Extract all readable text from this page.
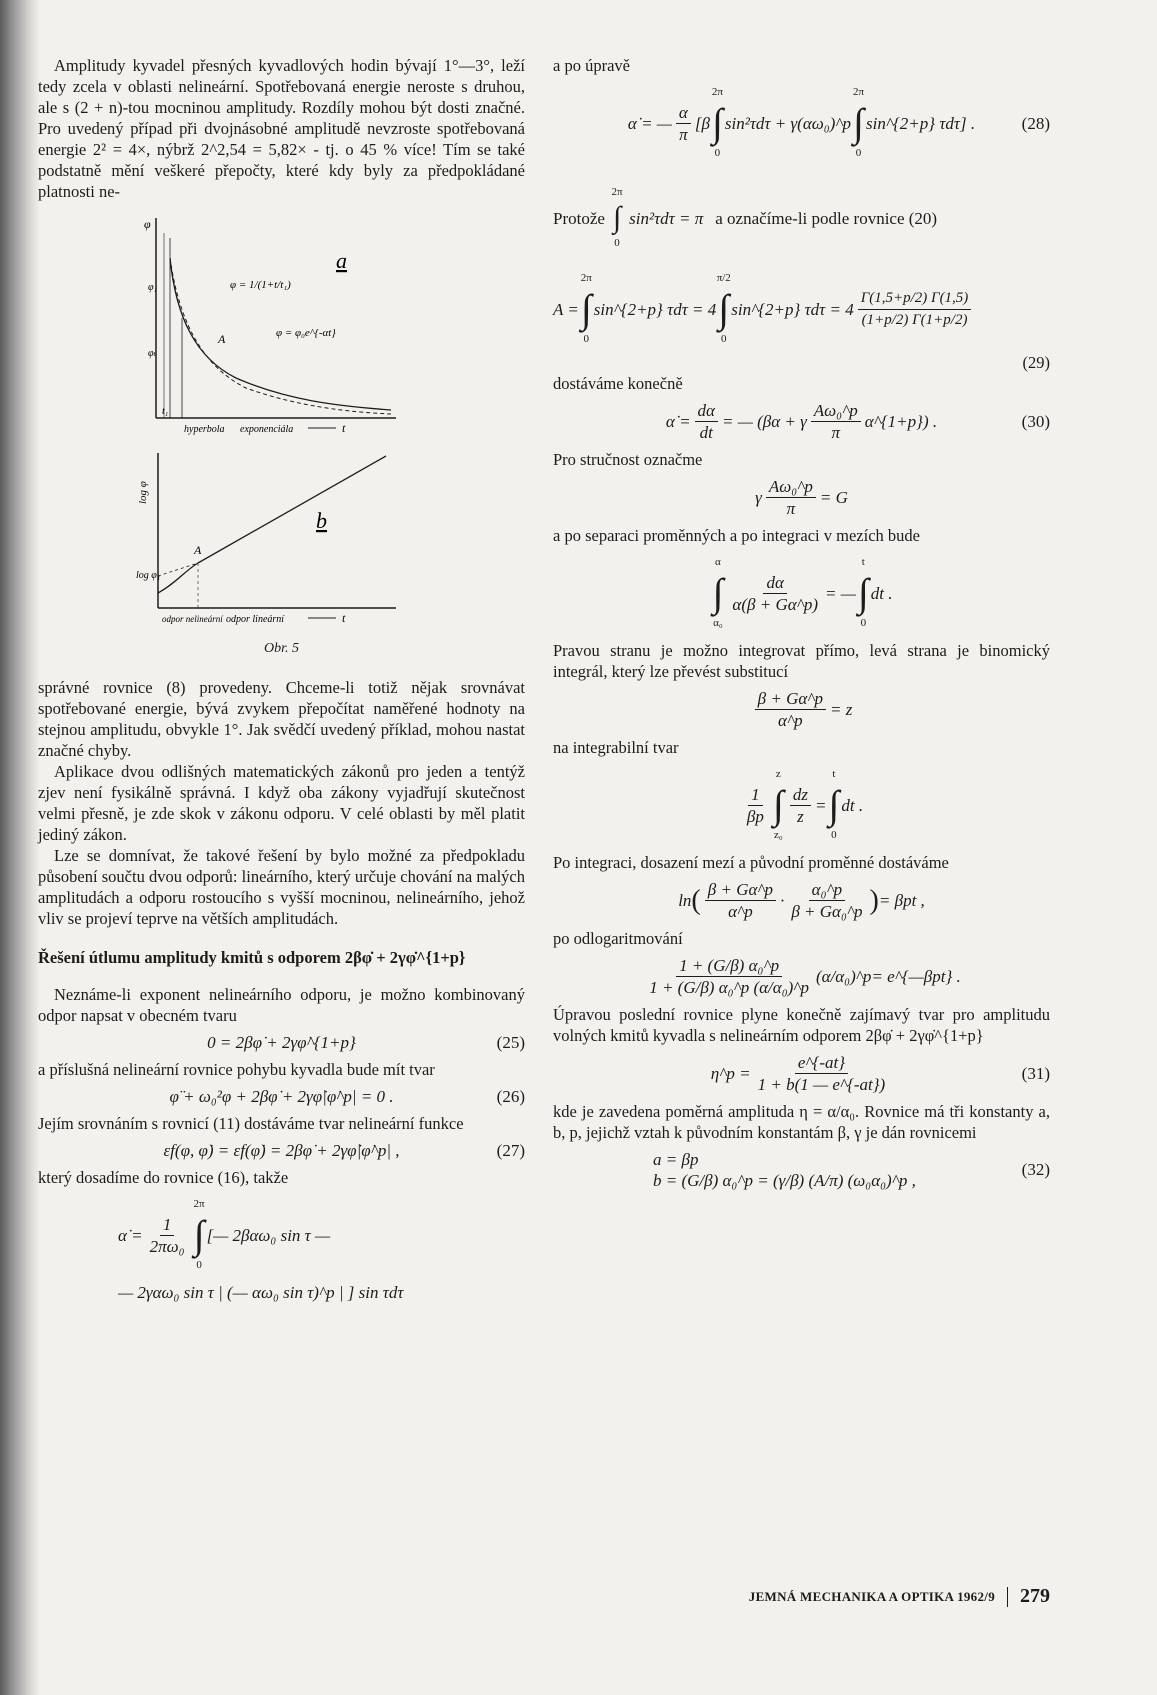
Amplitudy kyvadel přesných kyvadlových hodin bývají 1°—3°, leží tedy zcela v oblasti nelineární. Spotřebovaná energie neroste s druhou, ale s (2 + n)-tou mocninou amplitudy. Rozdíly mohou být dosti značné. Pro uvedený případ při dvojnásobné amplitudě nevzroste spotřebovaná energie 2² = 4×, nýbrž 2^2,54 = 5,82× - tj. o 45 % více! Tím se také podstatně mění veškeré přepočty, které kdy byly za předpokládané platnosti ne-

φ
φ = 1/(1+t/t₁)
φ = φ₀e^{-αt}
A
φ₁
φₜ
t₁
a
hyperbola exponenciála	t
log φ
A
log φ₁
b
odpor nelineární odpor lineární	t
Obr. 5

správné rovnice (8) provedeny. Chceme-li totiž nějak srovnávat spotřebované energie, bývá zvykem přepočítat naměřené hodnoty na stejnou amplitudu, obvykle 1°. Jak svědčí uvedený příklad, mohou nastat značné chyby.

Aplikace dvou odlišných matematických zákonů pro jeden a tentýž zjev není fysikálně správná. I když oba zákony vyjadřují skutečnost velmi přesně, je zde skok v zákonu odporu. V celé oblasti by měl platit jediný zákon.

Lze se domnívat, že takové řešení by bylo možné za předpokladu působení součtu dvou odporů: lineárního, který určuje chování na malých amplitudách a odporu rostoucího s vyšší mocninou, nelineárního, jehož vliv se projeví teprve na větších amplitudách.

Řešení útlumu amplitudy kmitů s odporem 2βφ̇ + 2γφ̇^{1+p}

Neznáme-li exponent nelineárního odporu, je možno kombinovaný odpor napsat v obecném tvaru

0 = 2βφ̇ + 2γφ̇^{1+p}	(25)

a příslušná nelineární rovnice pohybu kyvadla bude mít tvar

φ̈ + ω₀²φ + 2βφ̇ + 2γφ̇|φ̇^p| = 0 .	(26)

Jejím srovnáním s rovnicí (11) dostáváme tvar nelineární funkce

εf(φ, φ̇) = εf(φ̇) = 2βφ̇ + 2γφ̇|φ̇^p| ,	(27)

který dosadíme do rovnice (16), takže

α̇ = $\frac{1}{\text{2πω₀}}$
2π
∫
0
[— 2βαω₀ sin τ —
— 2γαω₀ sin τ | (— αω₀ sin τ)^p | ] sin τdτ

a po úpravě

α̇ = — $\frac{\alpha}{\pi} [\beta$
2π
∫
0
sin²τdτ + γ(αω₀)^p
2π
∫
0
sin^{2+p} τdτ] .	(28)
Protože
2π
∫
0
sin²τdτ = π a označíme-li podle rovnice (20)
A =
2π
∫
0
sin^{2+p} τdτ = 4
π/2
∫
0
sin^{2+p} $\tau d\tau = 4 \frac{\Gamma(1,5+p/2) \Gamma(1,5)}{(1+p/2) \Gamma(1+p/2)}$
(29)

dostáváme konečně

α̇ = $\frac{d\alpha}{dt}$ = — (βα + γ $\frac{\text{Aω₀\textasciicircum{}p}}{\pi}$ α^{1+p}) .	(30)

Pro stručnost označme

γ $\frac{\text{Aω₀\textasciicircum{}p}}{\pi} = G$

a po separaci proměnných a po integraci v mezích bude

α
∫
α₀
$\frac{d\alpha}{\alpha(\beta + G\alpha\^{}p)}$ = —
t
∫
0
dt .

Pravou stranu je možno integrovat přímo, levá strana je binomický integrál, který lze převést substitucí

$\frac{\beta + G\alpha\^{}p}{\alpha\^{}p} = z$

na integrabilní tvar

$\frac{1}{\beta p}$
z
∫
z₀
$\frac{dz}{z}$ =
t
∫
0
dt .

Po integraci, dosazení mezí a původní proměnné dostáváme

ln ( $\frac{\beta + G\alpha\^{}p}{\alpha\^{}p} \cdot \frac{\text{α₀\textasciicircum{}p}}{\text{β + Gα₀\textasciicircum{}p}}$ ) = βpt ,

po odlogaritmování

$\frac{\text{1 + (G/β) α₀\textasciicircum{}p}}{\text{1 + (G/β) α₀\textasciicircum{}p (α/α₀)\textasciicircum{}p}}$ (α/α₀)^p = e^{—βpt} .

Úpravou poslední rovnice plyne konečně zajímavý tvar pro amplitudu volných kmitů kyvadla s nelineárním odporem 2βφ̇ + 2γφ̇^{1+p}

η^p = $\frac{e\^{}\{-at\}}{1 + b(1 — e\^{}\{-at\})}$	(31)

kde je zavedena poměrná amplituda η = α/α₀. Rovnice má tři konstanty a, b, p, jejichž vztah k původním konstantám β, γ je dán rovnicemi

a = βp
b = (G/β) α₀^p = (γ/β) (A/π) (ω₀α₀)^p ,
(32)
JEMNÁ MECHANIKA A OPTIKA 1962/9 279
